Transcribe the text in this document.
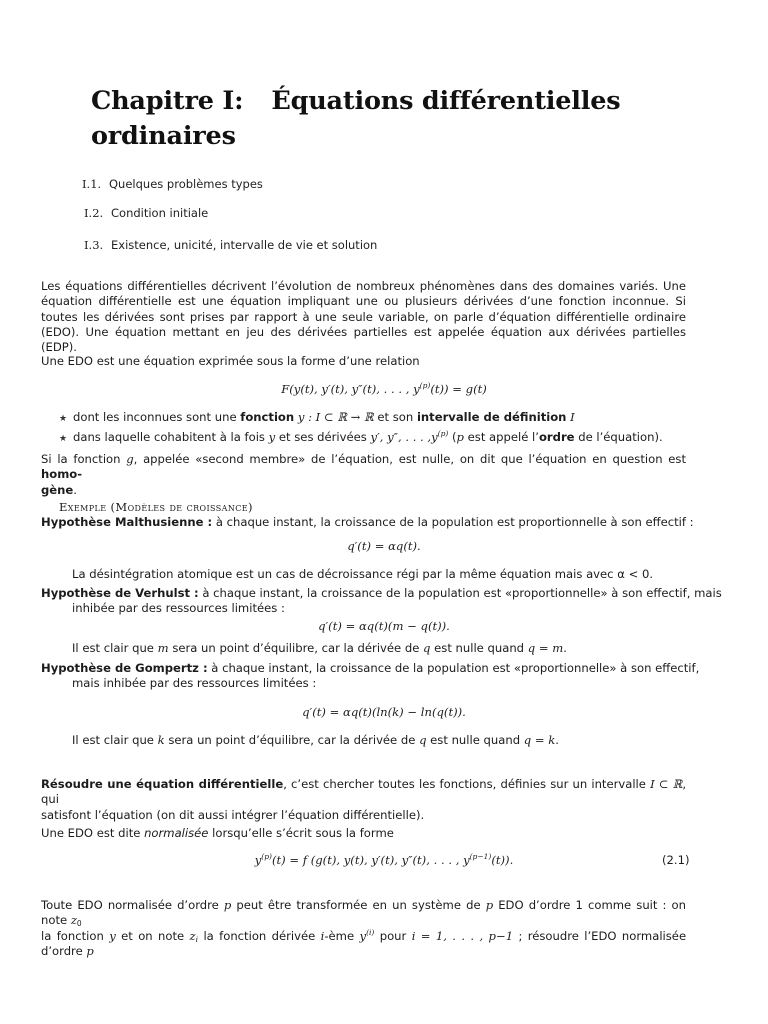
Chapitre I: Équations différentielles
ordinaires
I.1. Quelques problèmes types
I.2. Condition initiale
I.3. Existence, unicité, intervalle de vie et solution
Les équations différentielles décrivent l’évolution de nombreux phénomènes dans des domaines variés. Une équation différentielle est une équation impliquant une ou plusieurs dérivées d’une fonction inconnue. Si toutes les dérivées sont prises par rapport à une seule variable, on parle d’équation différentielle ordinaire (EDO). Une équation mettant en jeu des dérivées partielles est appelée équation aux dérivées partielles (EDP).
Une EDO est une équation exprimée sous la forme d’une relation
F(y(t), y′(t), y″(t), . . . , $y^{(p)}(t)) = g(t)$
★ dont les inconnues sont une fonction y : I ⊂ ℝ → ℝ et son intervalle de définition I
★ dans laquelle cohabitent à la fois y et ses dérivées y′, y″, . . . $,y^{(p)}$ (p est appelé l’ordre de l’équation).
Si la fonction g, appelée «second membre» de l’équation, est nulle, on dit que l’équation en question est homo-
gène.
Exemple (Modèles de croissance)
Hypothèse Malthusienne : à chaque instant, la croissance de la population est proportionnelle à son effectif :
q′(t) = αq(t).
La désintégration atomique est un cas de décroissance régi par la même équation mais avec α < 0.
Hypothèse de Verhulst : à chaque instant, la croissance de la population est «proportionnelle» à son effectif, mais
inhibée par des ressources limitées :
q′(t) = αq(t)(m − q(t)).
Il est clair que m sera un point d’équilibre, car la dérivée de q est nulle quand q = m.
Hypothèse de Gompertz : à chaque instant, la croissance de la population est «proportionnelle» à son effectif,
mais inhibée par des ressources limitées :
q′(t) = αq(t)(ln(k) − ln(q(t)).
Il est clair que k sera un point d’équilibre, car la dérivée de q est nulle quand q = k.
Résoudre une équation différentielle, c’est chercher toutes les fonctions, définies sur un intervalle I ⊂ ℝ, qui
satisfont l’équation (on dit aussi intégrer l’équation différentielle).
Une EDO est dite normalisée lorsqu’elle s’écrit sous la forme
$y^{(p)}(t) = f$ (g(t), y(t), y′(t), y″(t), . . . , $y^{(p-1)}(t)$).	(2.1)
Toute EDO normalisée d’ordre p peut être transformée en un système de p EDO d’ordre 1 comme suit : on note $z_0$
la fonction y et on note $z_i$ la fonction dérivée i-ème $y^{(i)}$ pour i = 1, . . . , p−1 ; résoudre l’EDO normalisée d’ordre p
